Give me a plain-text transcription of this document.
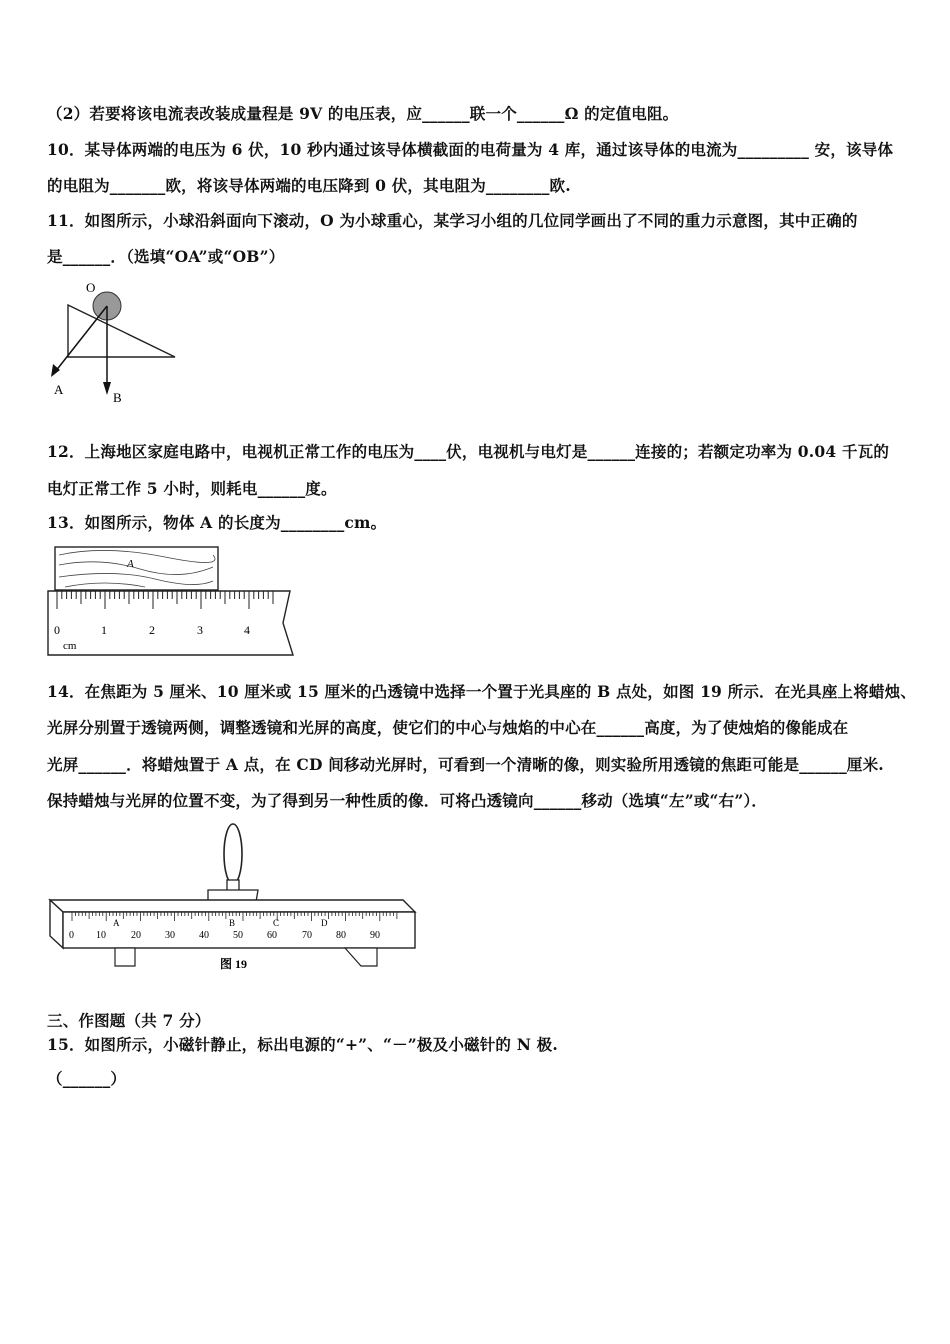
（2）若要将该电流表改装成量程是 9V 的电压表，应______联一个______Ω 的定值电阻。
10．某导体两端的电压为 6 伏，10 秒内通过该导体横截面的电荷量为 4 库，通过该导体的电流为_________ 安，该导体
的电阻为_______欧，将该导体两端的电压降到 0 伏，其电阻为________欧.
11．如图所示，小球沿斜面向下滚动，O 为小球重心，某学习小组的几位同学画出了不同的重力示意图，其中正确的
是______．（选填“OA”或“OB”）
O
A
B
12．上海地区家庭电路中，电视机正常工作的电压为____伏，电视机与电灯是______连接的；若额定功率为 0.04 千瓦的
电灯正常工作 5 小时，则耗电______度。
13．如图所示，物体 A 的长度为________cm。
A
0	1	2	3	4
cm
14．在焦距为 5 厘米、10 厘米或 15 厘米的凸透镜中选择一个置于光具座的 B 点处，如图 19 所示．在光具座上将蜡烛、
光屏分别置于透镜两侧，调整透镜和光屏的高度，使它们的中心与烛焰的中心在______高度，为了使烛焰的像能成在
光屏______．将蜡烛置于 A 点，在 CD 间移动光屏时，可看到一个清晰的像，则实验所用透镜的焦距可能是______厘米.
保持蜡烛与光屏的位置不变，为了得到另一种性质的像．可将凸透镜向______移动（选填“左”或“右”）．
0 10	20 30 40 50 60	70 80 90
A	B	C	D
图 19
三、作图题（共 7 分）
15．如图所示，小磁针静止，标出电源的“+”、“－”极及小磁针的 N 极.
（______）
